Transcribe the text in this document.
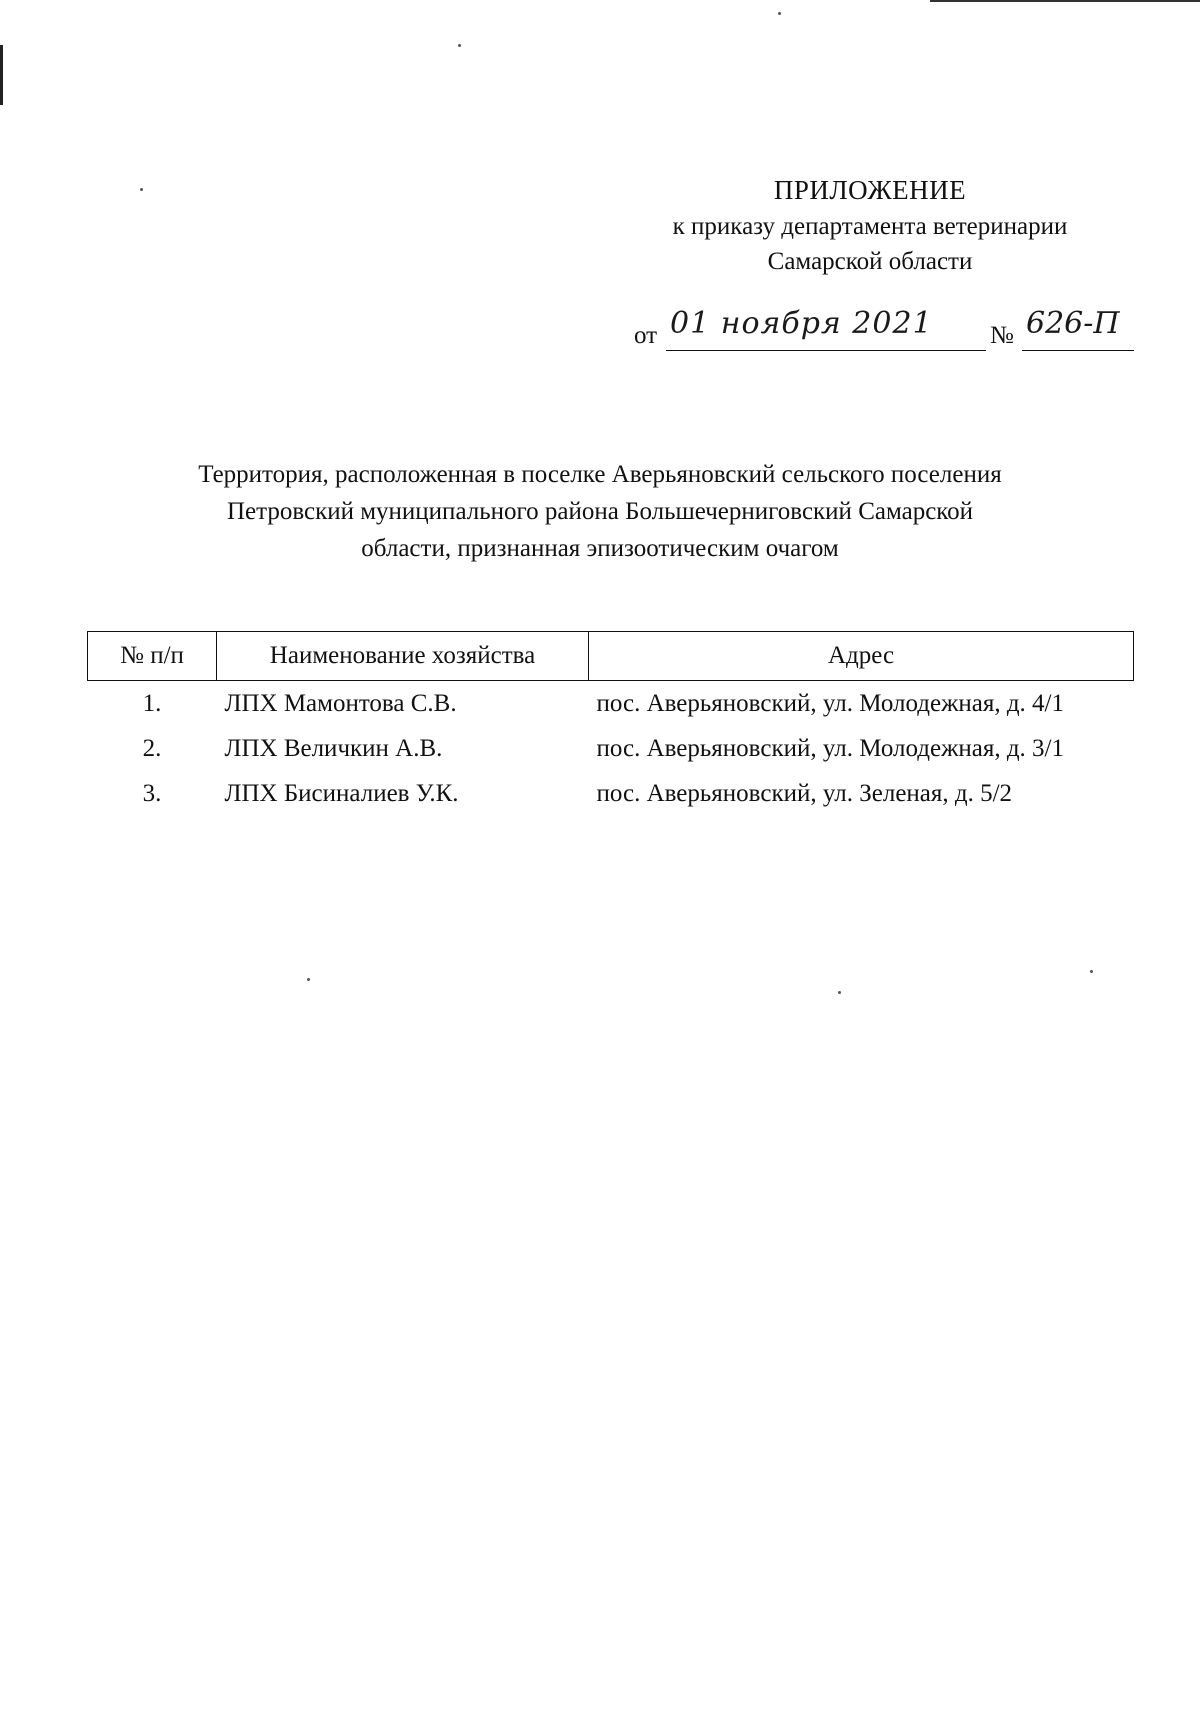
ПРИЛОЖЕНИЕ
к приказу департамента ветеринарии
Самарской области
от 01 ноября 2021 № 626-П
Территория, расположенная в поселке Аверьяновский сельского поселения
Петровский муниципального района Большечерниговский Самарской
области, признанная эпизоотическим очагом
№ п/п	Наименование хозяйства	Адрес
1.	ЛПХ Мамонтова С.В.	пос. Аверьяновский, ул. Молодежная, д. 4/1
2.	ЛПХ Величкин А.В.	пос. Аверьяновский, ул. Молодежная, д. 3/1
3.	ЛПХ Бисиналиев У.К.	пос. Аверьяновский, ул. Зеленая, д. 5/2
